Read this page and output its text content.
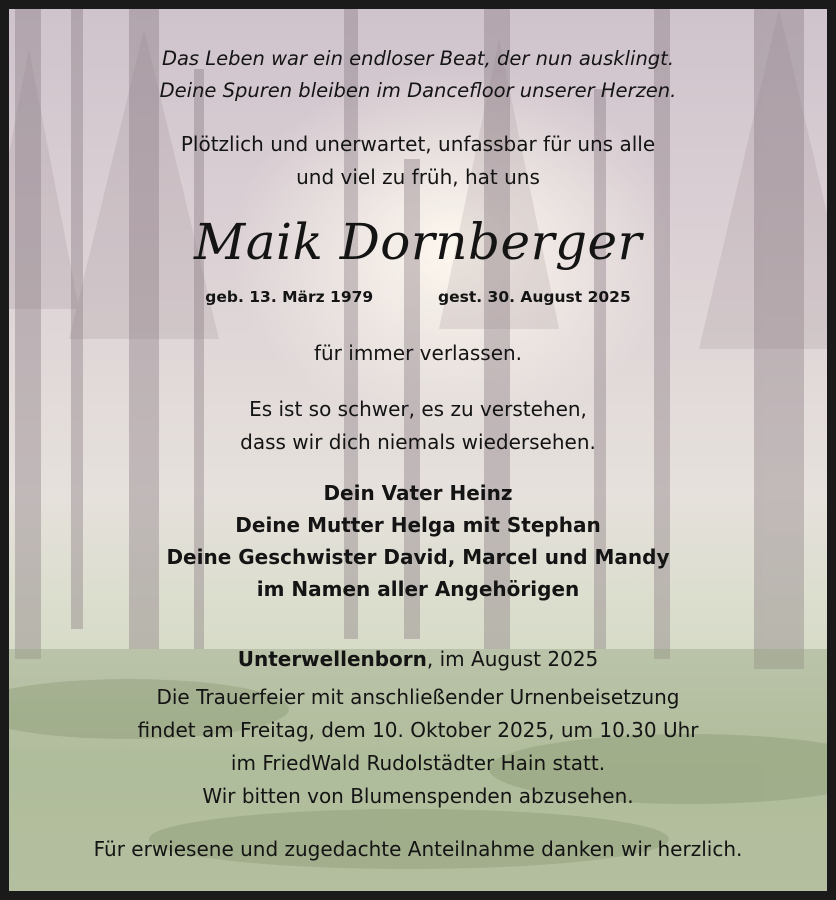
Das Leben war ein endloser Beat, der nun ausklingt.
Deine Spuren bleiben im Dancefloor unserer Herzen.
Plötzlich und unerwartet, unfassbar für uns alle
und viel zu früh, hat uns
Maik Dornberger
geb. 13. März 1979	gest. 30. August 2025
für immer verlassen.
Es ist so schwer, es zu verstehen,
dass wir dich niemals wiedersehen.
Dein Vater Heinz
Deine Mutter Helga mit Stephan
Deine Geschwister David, Marcel und Mandy
im Namen aller Angehörigen
Unterwellenborn, im August 2025
Die Trauerfeier mit anschließender Urnenbeisetzung
findet am Freitag, dem 10. Oktober 2025, um 10.30 Uhr
im FriedWald Rudolstädter Hain statt.
Wir bitten von Blumenspenden abzusehen.
Für erwiesene und zugedachte Anteilnahme danken wir herzlich.
